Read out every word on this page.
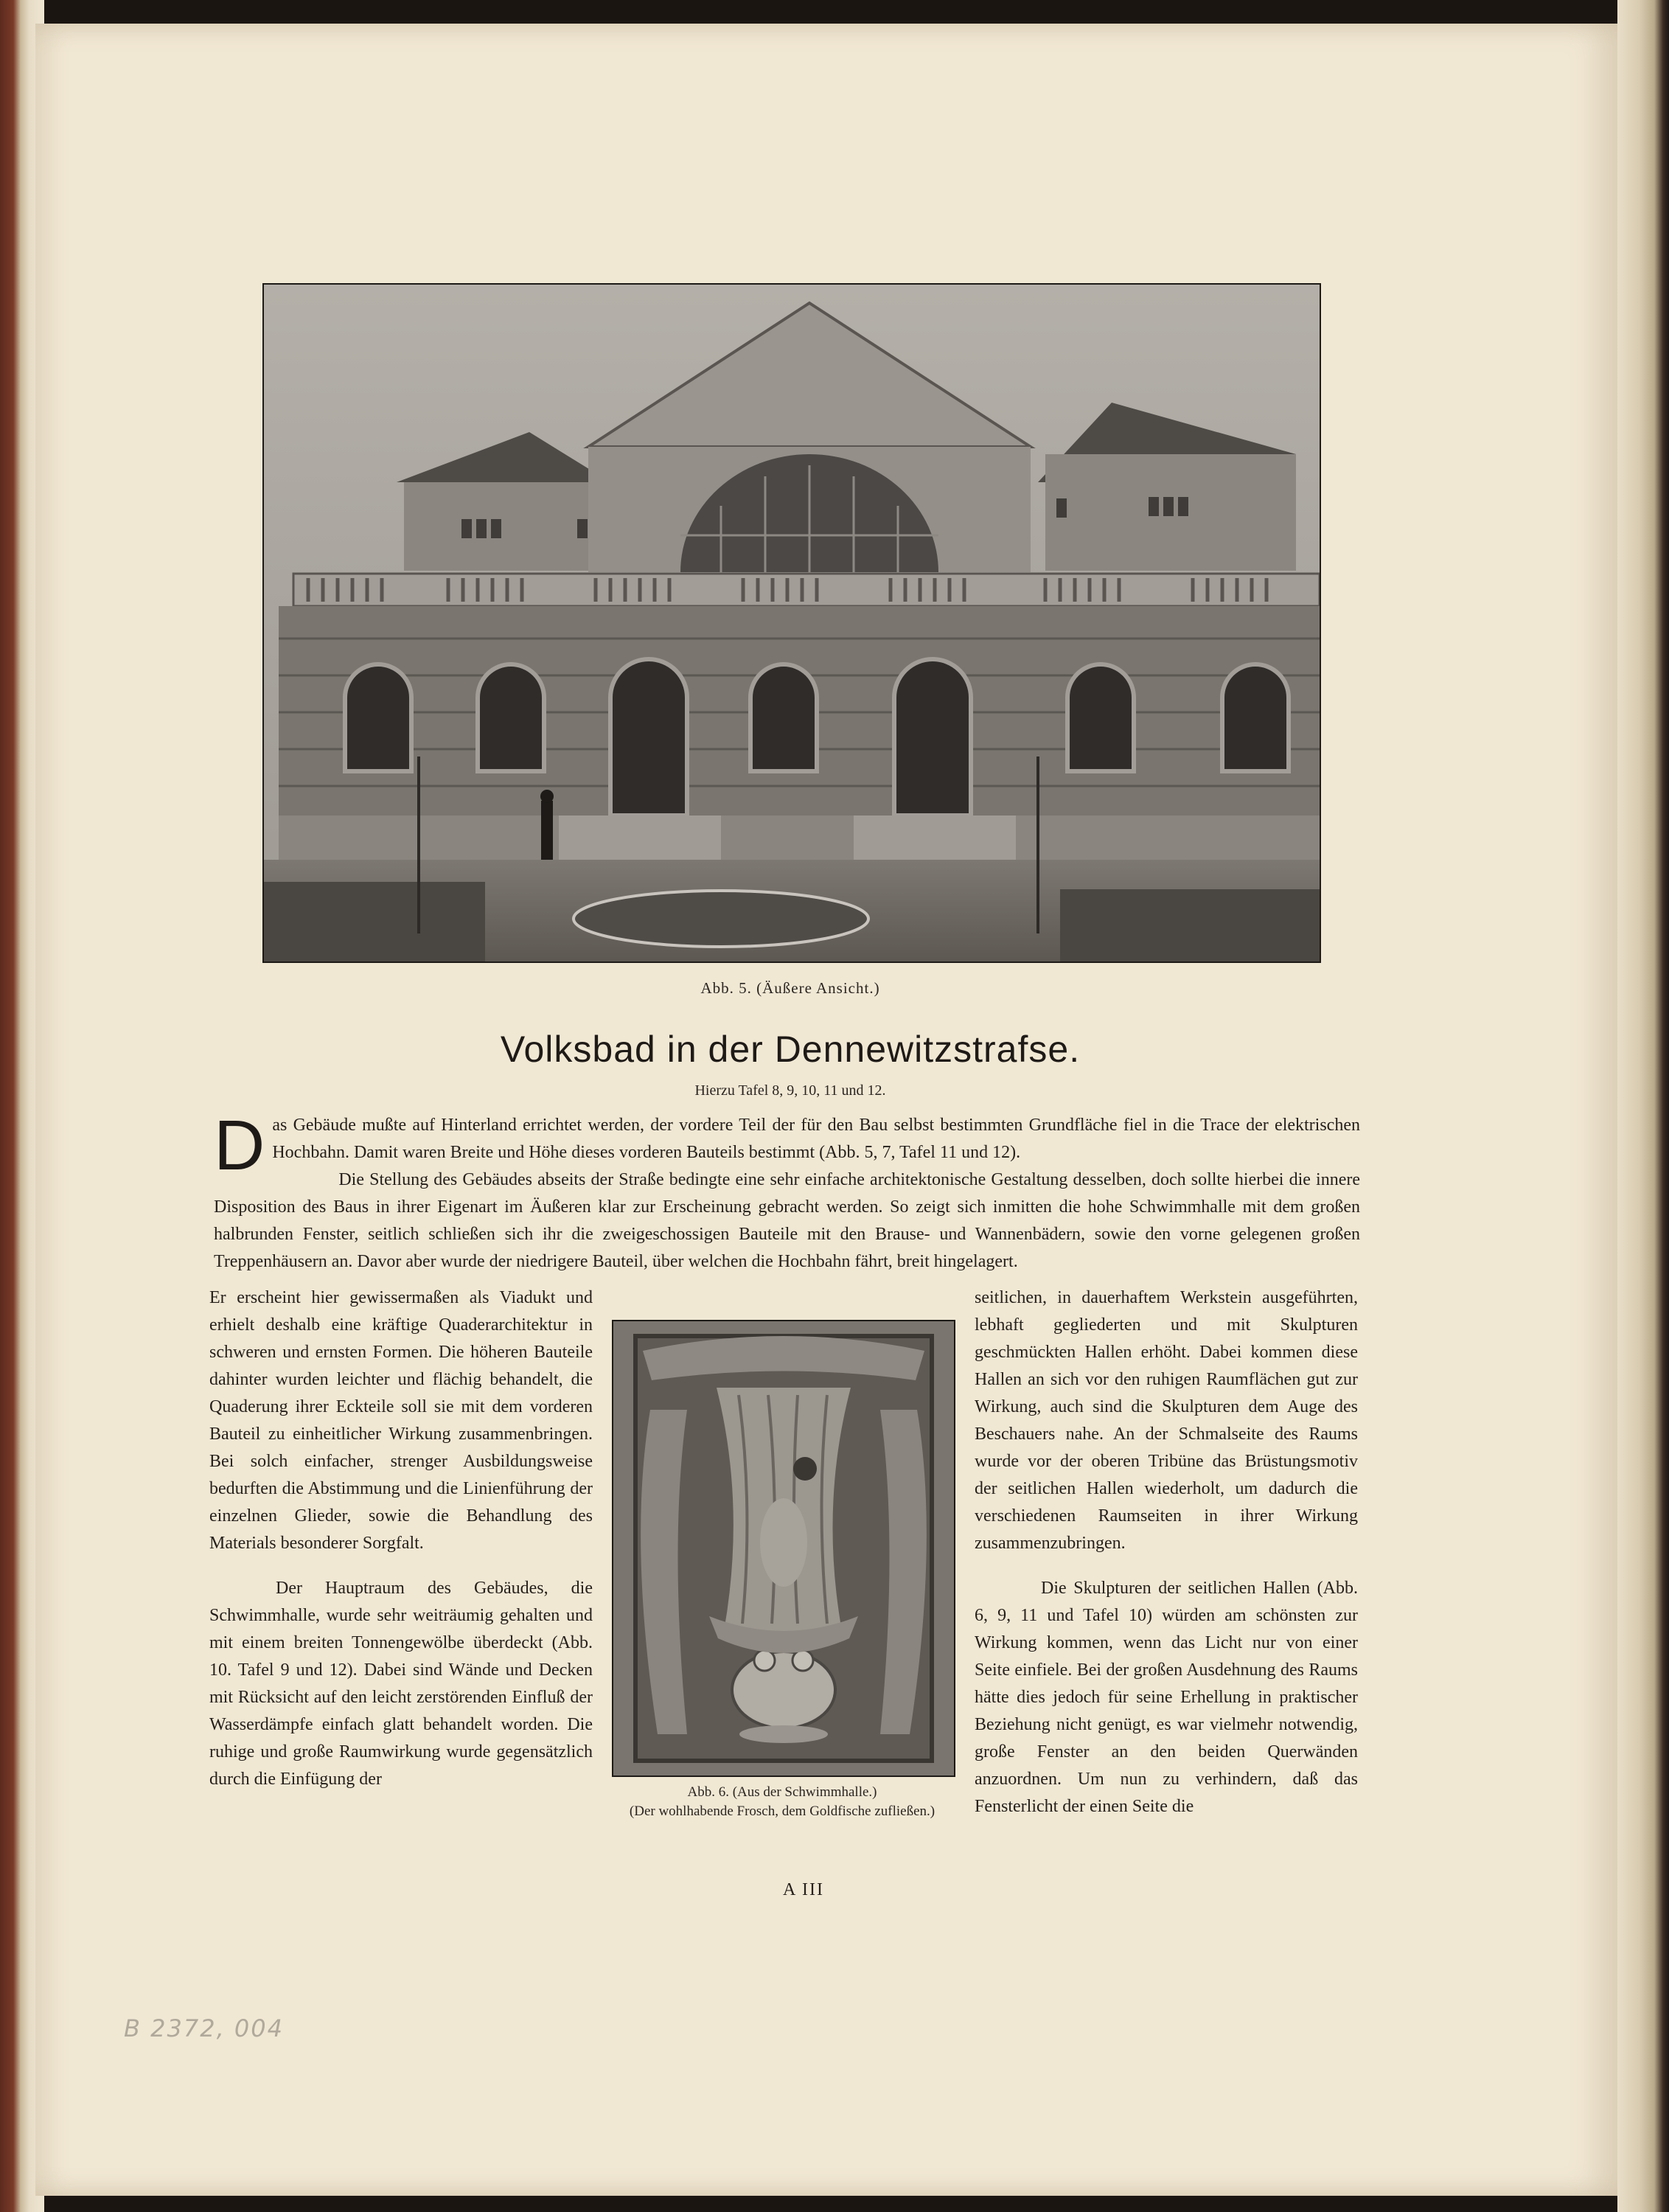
Abb. 5. (Äußere Ansicht.)
Volksbad in der Dennewitzstrafse.
Hierzu Tafel 8, 9, 10, 11 und 12.
Das Gebäude mußte auf Hinterland errichtet werden, der vordere Teil der für den Bau selbst bestimmten Grundfläche fiel in die Trace der elektrischen Hochbahn. Damit waren Breite und Höhe dieses vorderen Bauteils bestimmt (Abb. 5, 7, Tafel 11 und 12).
Die Stellung des Gebäudes abseits der Straße bedingte eine sehr einfache architektonische Gestaltung desselben, doch sollte hierbei die innere Disposition des Baus in ihrer Eigenart im Äußeren klar zur Erscheinung gebracht werden. So zeigt sich inmitten die hohe Schwimmhalle mit dem großen halbrunden Fenster, seitlich schließen sich ihr die zweigeschossigen Bauteile mit den Brause- und Wannenbädern, sowie den vorne gelegenen großen Treppenhäusern an. Davor aber wurde der niedrigere Bauteil, über welchen die Hochbahn fährt, breit hingelagert.
Er erscheint hier gewissermaßen als Viadukt und erhielt deshalb eine kräftige Quaderarchitektur in schweren und ernsten Formen. Die höheren Bauteile dahinter wurden leichter und flächig behandelt, die Quaderung ihrer Eckteile soll sie mit dem vorderen Bauteil zu einheitlicher Wirkung zusammenbringen. Bei solch einfacher, strenger Ausbildungsweise bedurften die Abstimmung und die Linienführung der einzelnen Glieder, sowie die Behandlung des Materials besonderer Sorgfalt.
Der Hauptraum des Gebäudes, die Schwimmhalle, wurde sehr weiträumig gehalten und mit einem breiten Tonnengewölbe überdeckt (Abb. 10. Tafel 9 und 12). Dabei sind Wände und Decken mit Rücksicht auf den leicht zerstörenden Einfluß der Wasserdämpfe einfach glatt behandelt worden. Die ruhige und große Raumwirkung wurde gegensätzlich durch die Einfügung der
Abb. 6. (Aus der Schwimmhalle.)
(Der wohlhabende Frosch, dem Goldfische zufließen.)
seitlichen, in dauerhaftem Werkstein ausgeführten, lebhaft gegliederten und mit Skulpturen geschmückten Hallen erhöht. Dabei kommen diese Hallen an sich vor den ruhigen Raumflächen gut zur Wirkung, auch sind die Skulpturen dem Auge des Beschauers nahe. An der Schmalseite des Raums wurde vor der oberen Tribüne das Brüstungsmotiv der seitlichen Hallen wiederholt, um dadurch die verschiedenen Raumseiten in ihrer Wirkung zusammenzubringen.
Die Skulpturen der seitlichen Hallen (Abb. 6, 9, 11 und Tafel 10) würden am schönsten zur Wirkung kommen, wenn das Licht nur von einer Seite einfiele. Bei der großen Ausdehnung des Raums hätte dies jedoch für seine Erhellung in praktischer Beziehung nicht genügt, es war vielmehr notwendig, große Fenster an den beiden Querwänden anzuordnen. Um nun zu verhindern, daß das Fensterlicht der einen Seite die
A III
B 2372, 004
